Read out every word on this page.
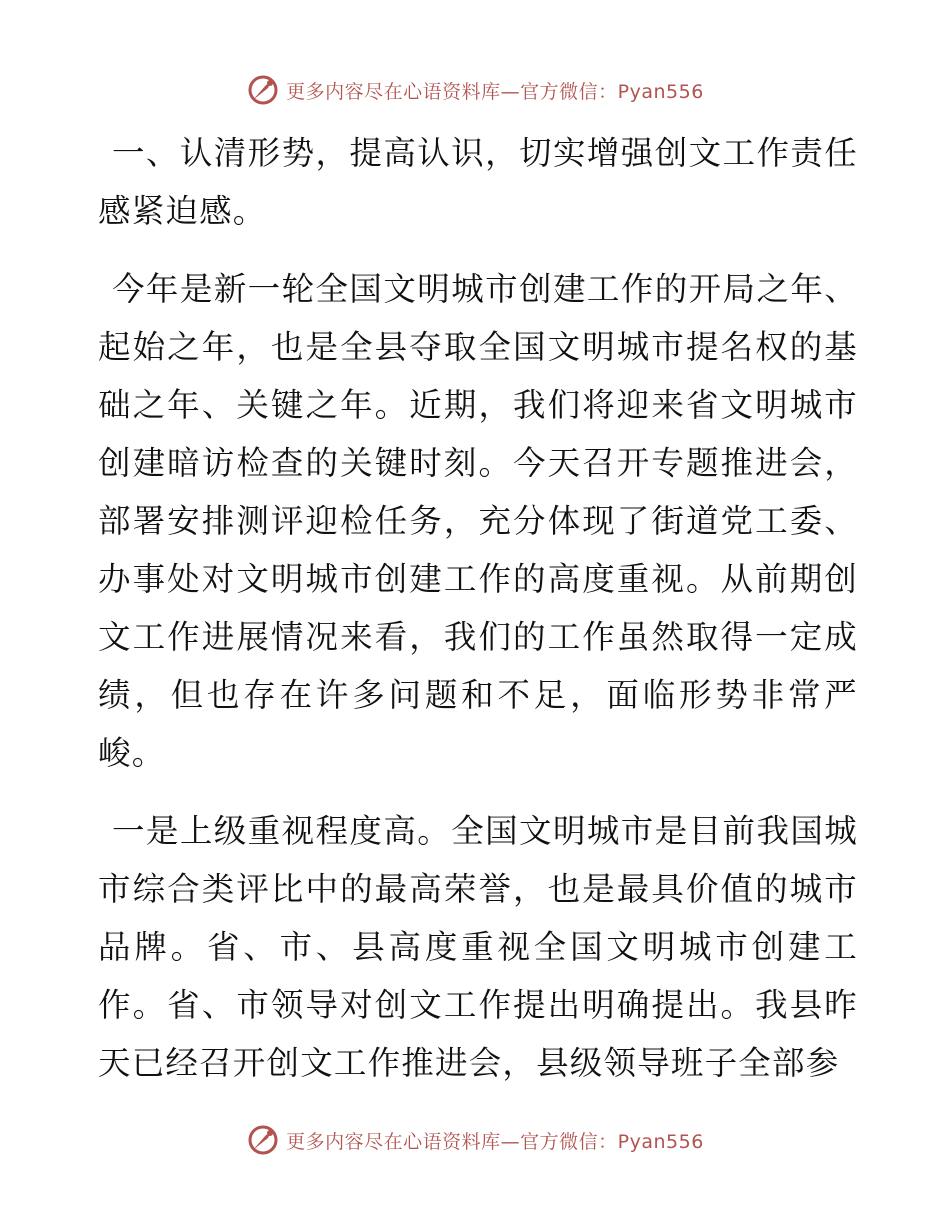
更多内容尽在心语资料库—官方微信：Pyan556

一、认清形势，提高认识，切实增强创文工作责任感紧迫感。

今年是新一轮全国文明城市创建工作的开局之年、起始之年，也是全县夺取全国文明城市提名权的基础之年、关键之年。近期，我们将迎来省文明城市创建暗访检查的关键时刻。今天召开专题推进会，部署安排测评迎检任务，充分体现了街道党工委、办事处对文明城市创建工作的高度重视。从前期创文工作进展情况来看，我们的工作虽然取得一定成绩，但也存在许多问题和不足，面临形势非常严峻。

一是上级重视程度高。全国文明城市是目前我国城市综合类评比中的最高荣誉，也是最具价值的城市品牌。省、市、县高度重视全国文明城市创建工作。省、市领导对创文工作提出明确提出。我县昨天已经召开创文工作推进会，县级领导班子全部参

更多内容尽在心语资料库—官方微信：Pyan556
